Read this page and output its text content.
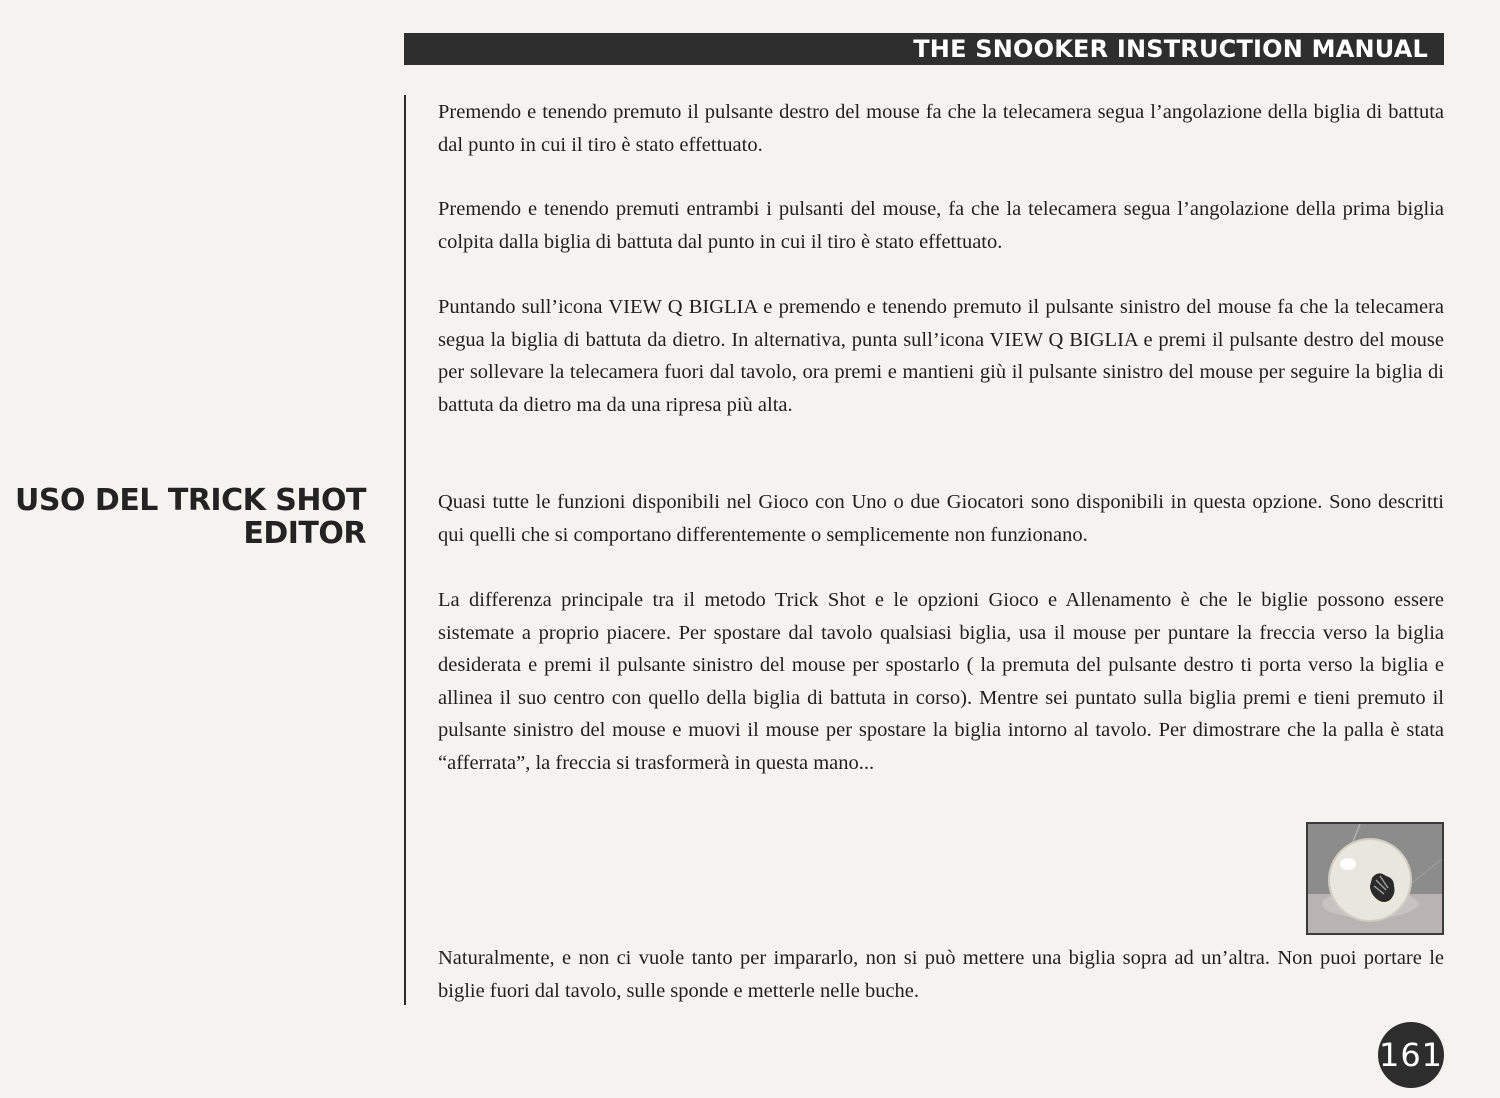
THE SNOOKER INSTRUCTION MANUAL
USO DEL TRICK SHOT
EDITOR

Premendo e tenendo premuto il pulsante destro del mouse fa che la telecamera segua l’angolazione della biglia di battuta dal punto in cui il tiro è stato effettuato.

Premendo e tenendo premuti entrambi i pulsanti del mouse, fa che la telecamera segua l’angolazione della prima biglia colpita dalla biglia di battuta dal punto in cui il tiro è stato effettuato.

Puntando sull’icona VIEW Q BIGLIA e premendo e tenendo premuto il pulsante sinistro del mouse fa che la telecamera segua la biglia di battuta da dietro. In alternativa, punta sull’icona VIEW Q BIGLIA e premi il pulsante destro del mouse per sollevare la telecamera fuori dal tavolo, ora premi e mantieni giù il pulsante sinistro del mouse per seguire la biglia di battuta da dietro ma da una ripresa più alta.

Quasi tutte le funzioni disponibili nel Gioco con Uno o due Giocatori sono disponibili in questa opzione. Sono descritti qui quelli che si comportano differentemente o semplicemente non funzionano.

La differenza principale tra il metodo Trick Shot e le opzioni Gioco e Allenamento è che le biglie possono essere sistemate a proprio piacere. Per spostare dal tavolo qualsiasi biglia, usa il mouse per puntare la freccia verso la biglia desiderata e premi il pulsante sinistro del mouse per spostarlo ( la premuta del pulsante destro ti porta verso la biglia e allinea il suo centro con quello della biglia di battuta in corso). Mentre sei puntato sulla biglia premi e tieni premuto il pulsante sinistro del mouse e muovi il mouse per spostare la biglia intorno al tavolo. Per dimostrare che la palla è stata “afferrata”, la freccia si trasformerà in questa mano...

Naturalmente, e non ci vuole tanto per impararlo, non si può mettere una biglia sopra ad un’altra. Non puoi portare le biglie fuori dal tavolo, sulle sponde e metterle nelle buche.

161
